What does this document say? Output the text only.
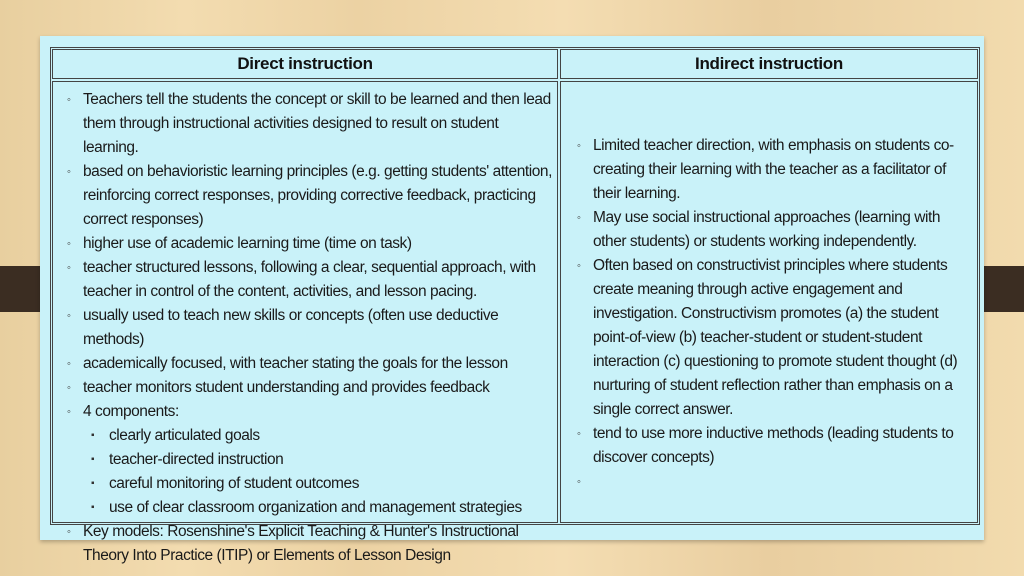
Direct instruction	Indirect instruction
◦ Teachers tell the students the concept or skill to be learned and then lead them through instructional activities designed to result on student learning.
◦ based on behavioristic learning principles (e.g. getting students' attention, reinforcing correct responses, providing corrective feedback, practicing correct responses)
◦ higher use of academic learning time (time on task)
◦ teacher structured lessons, following a clear, sequential approach, with teacher in control of the content, activities, and lesson pacing.
◦ usually used to teach new skills or concepts (often use deductive methods)
◦ academically focused, with teacher stating the goals for the lesson
◦ teacher monitors student understanding and provides feedback
◦ 4 components:
▪ clearly articulated goals
▪ teacher-directed instruction
▪ careful monitoring of student outcomes
▪ use of clear classroom organization and management strategies
◦ Key models: Rosenshine's Explicit Teaching & Hunter's Instructional Theory Into Practice (ITIP) or Elements of Lesson Design
◦ Limited teacher direction, with emphasis on students co-creating their learning with the teacher as a facilitator of their learning.
◦ May use social instructional approaches (learning with other students) or students working independently.
◦ Often based on constructivist principles where students create meaning through active engagement and investigation. Constructivism promotes (a) the student point-of-view (b) teacher-student or student-student interaction (c) questioning to promote student thought (d) nurturing of student reflection rather than emphasis on a single correct answer.
◦ tend to use more inductive methods (leading students to discover concepts)
◦
